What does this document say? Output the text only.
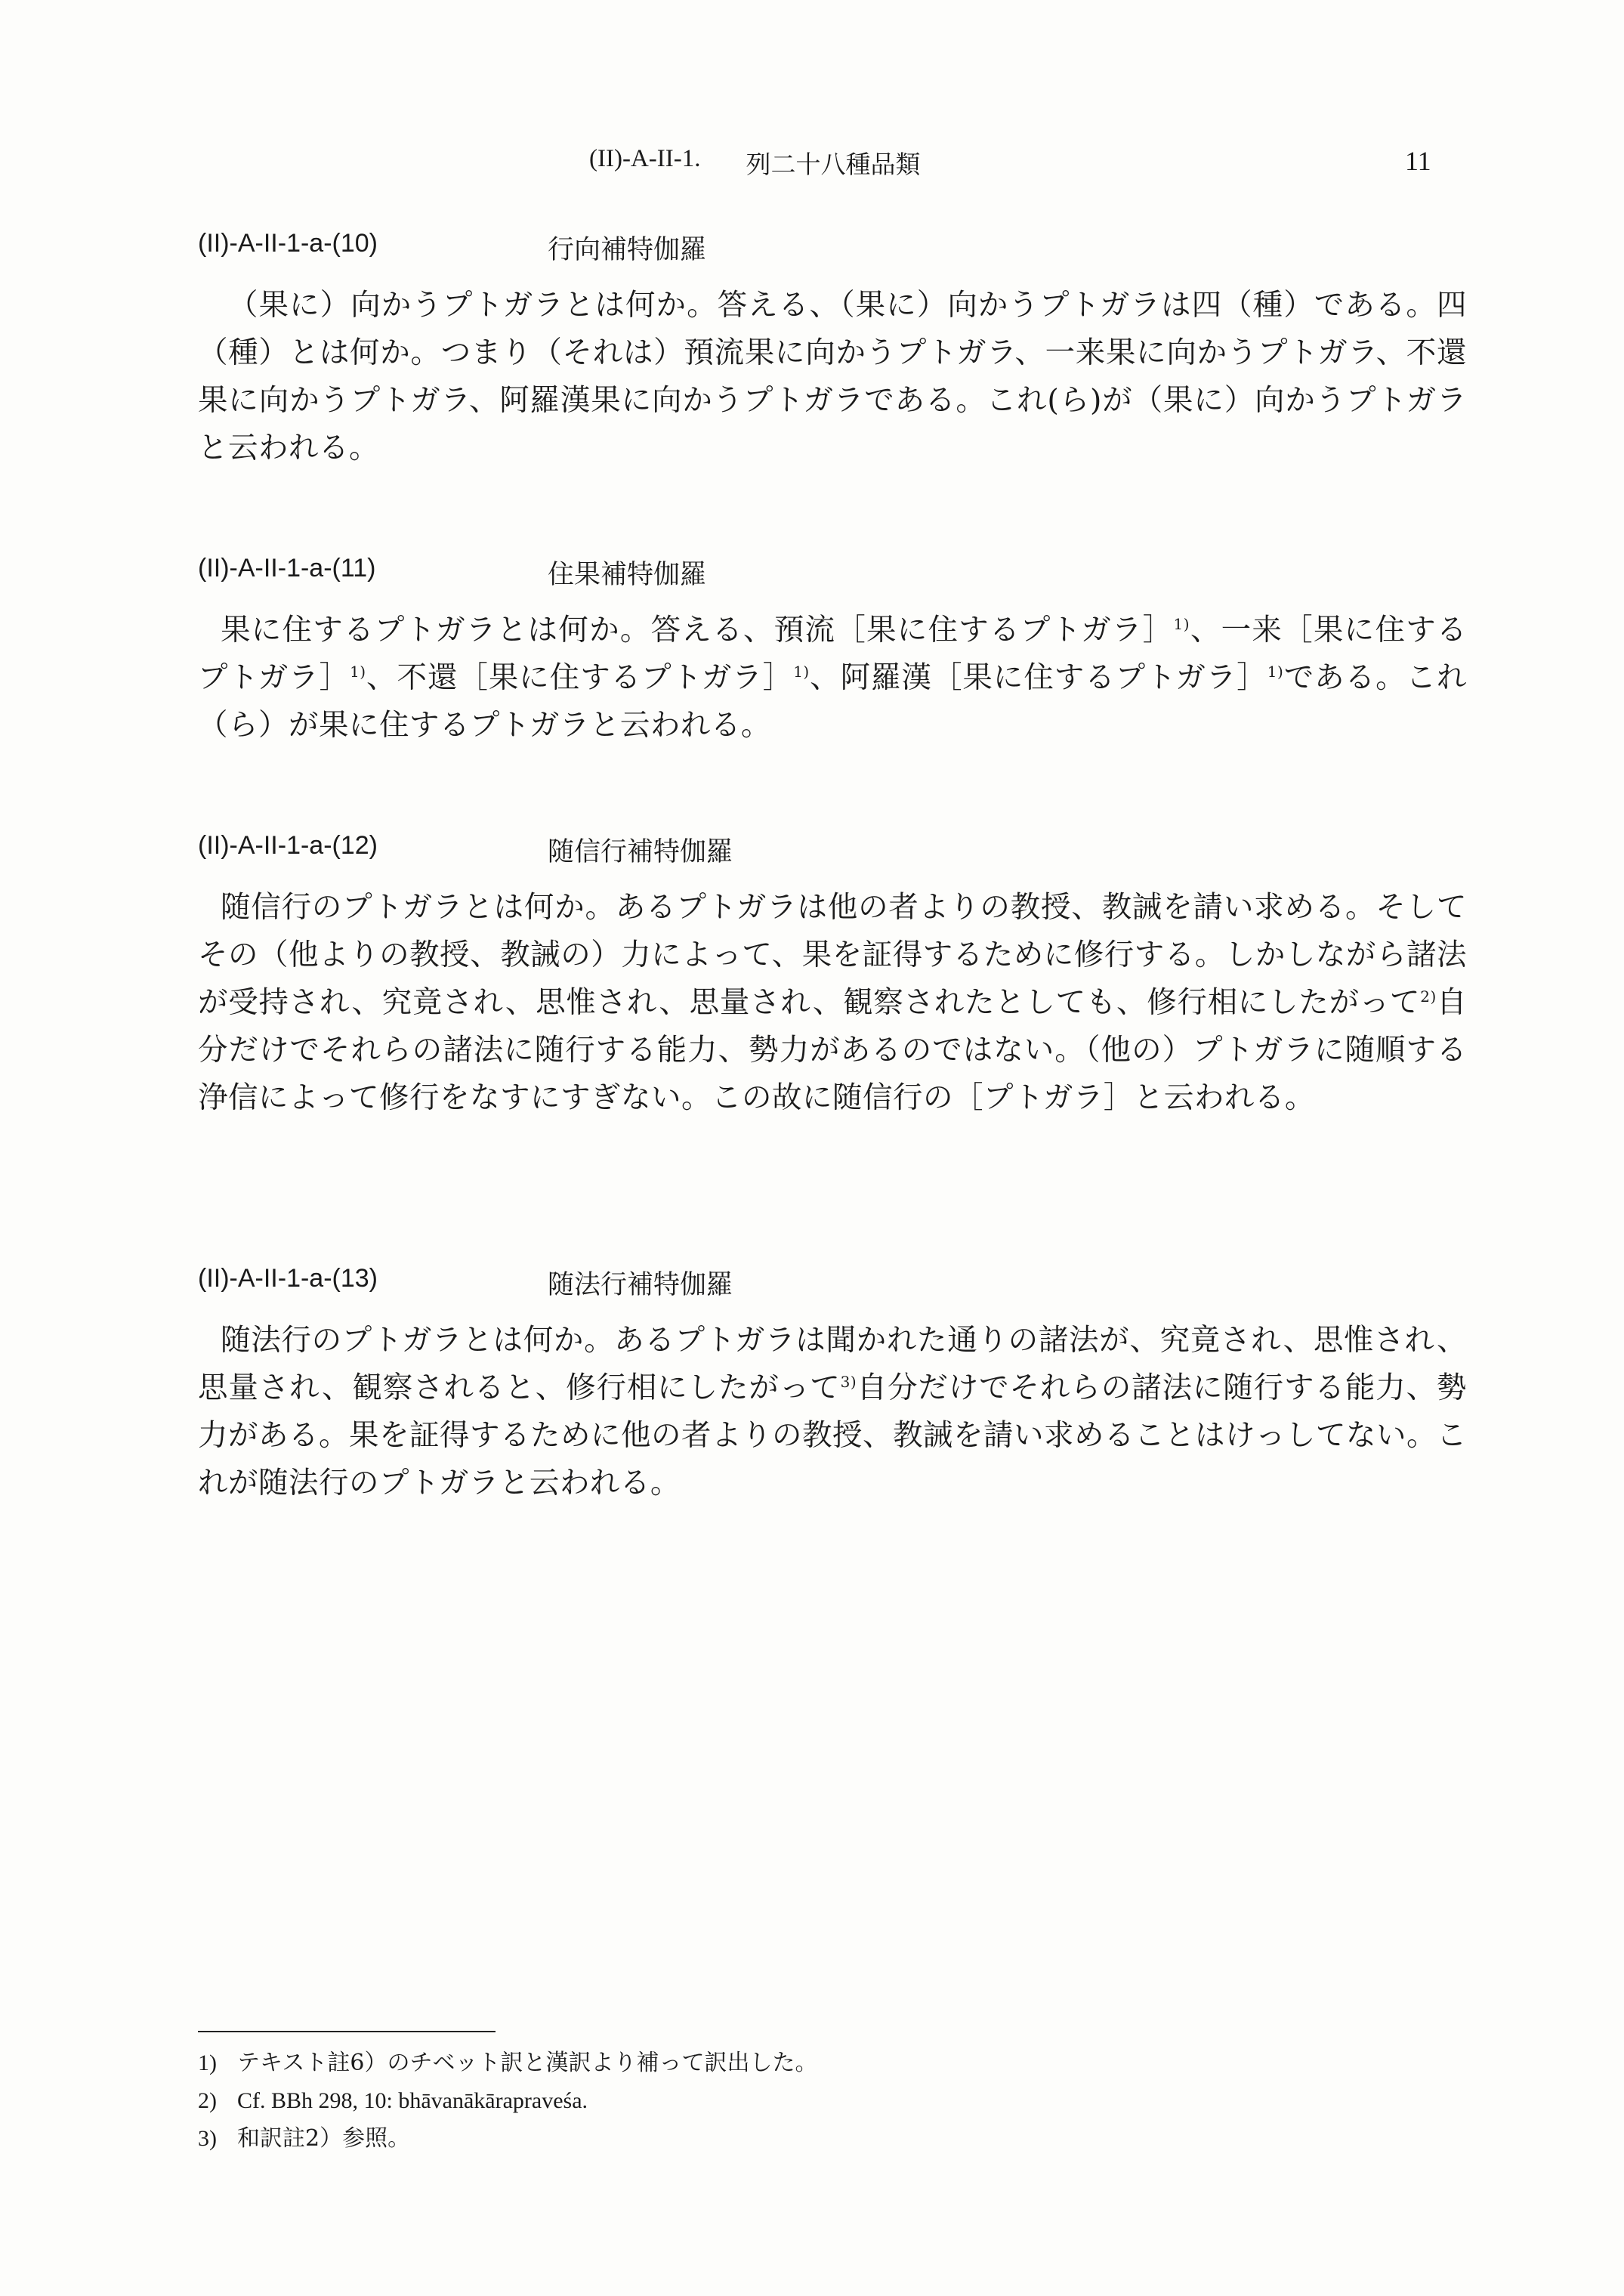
(II)-A-II-1. 列二十八種品類	11
(II)-A-II-1-a-(10)	行向補特伽羅

（果に）向かうプトガラとは何か。答える、（果に）向かうプトガラは四（種）である。四（種）とは何か。つまり（それは）預流果に向かうプトガラ、一来果に向かうプトガラ、不還果に向かうプトガラ、阿羅漢果に向かうプトガラである。これ(ら)が（果に）向かうプトガラと云われる。

(II)-A-II-1-a-(11)	住果補特伽羅

果に住するプトガラとは何か。答える、預流［果に住するプトガラ］$^{1)}$、一来［果に住するプトガラ］$^{1)}$、不還［果に住するプトガラ］$^{1)}$、阿羅漢［果に住するプトガラ］$^{1)}$である。これ（ら）が果に住するプトガラと云われる。

(II)-A-II-1-a-(12)	随信行補特伽羅

随信行のプトガラとは何か。あるプトガラは他の者よりの教授、教誡を請い求める。そしてその（他よりの教授、教誡の）力によって、果を証得するために修行する。しかしながら諸法が受持され、究竟され、思惟され、思量され、観察されたとしても、修行相にしたがって$^{2)}$自分だけでそれらの諸法に随行する能力、勢力があるのではない。（他の）プトガラに随順する浄信によって修行をなすにすぎない。この故に随信行の［プトガラ］と云われる。

(II)-A-II-1-a-(13)	随法行補特伽羅

随法行のプトガラとは何か。あるプトガラは聞かれた通りの諸法が、究竟され、思惟され、思量され、観察されると、修行相にしたがって$^{3)}$自分だけでそれらの諸法に随行する能力、勢力がある。果を証得するために他の者よりの教授、教誡を請い求めることはけっしてない。これが随法行のプトガラと云われる。

1) テキスト註6）のチベット訳と漢訳より補って訳出した。
2) Cf. BBh 298, 10: bhāvanākārapraveśa.
3) 和訳註2）参照。
